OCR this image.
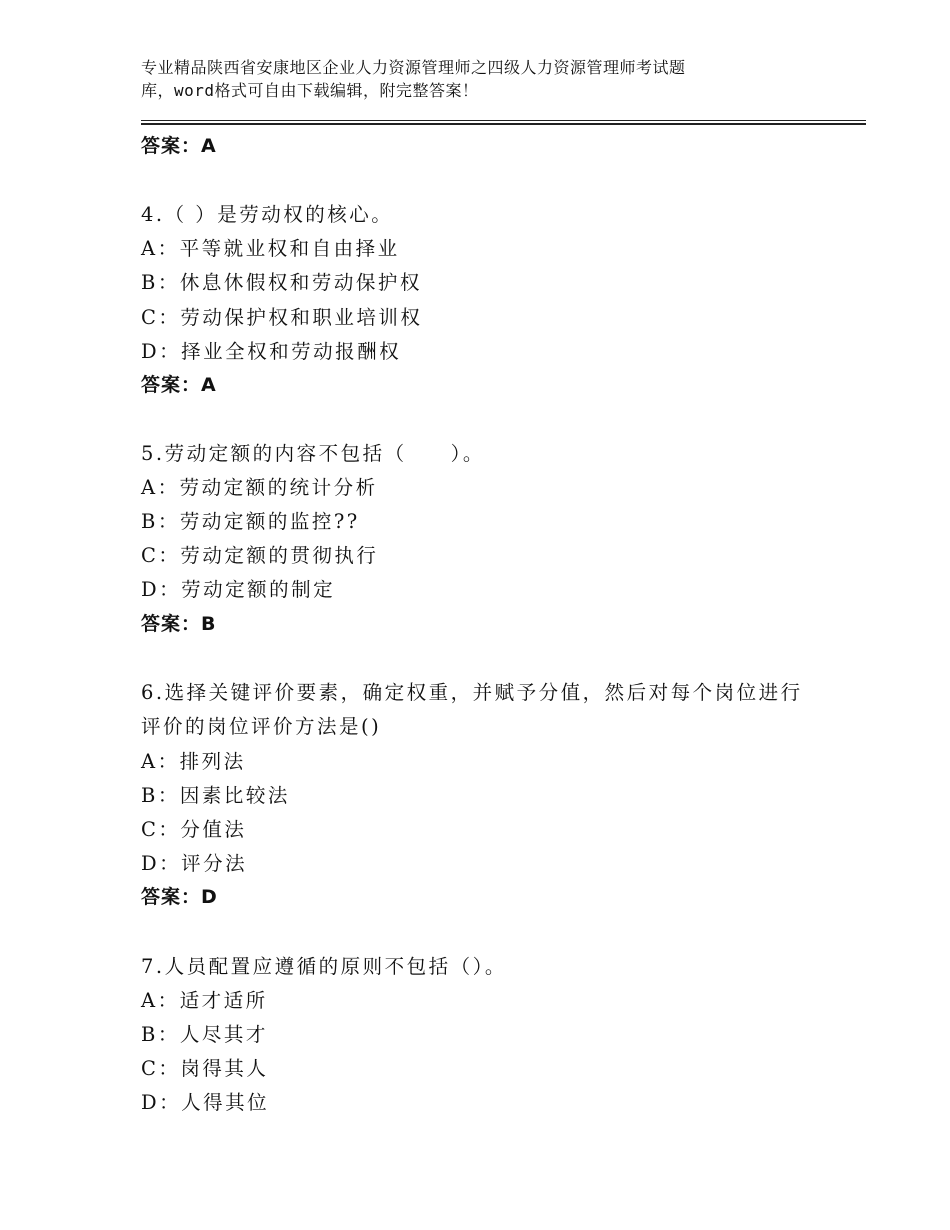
专业精品陕西省安康地区企业人力资源管理师之四级人力资源管理师考试题
库，word格式可自由下载编辑，附完整答案！
答案：A
4.（ ）是劳动权的核心。
A：平等就业权和自由择业
B：休息休假权和劳动保护权
C：劳动保护权和职业培训权
D：择业全权和劳动报酬权
答案：A
5.劳动定额的内容不包括（　　）。
A：劳动定额的统计分析
B：劳动定额的监控??
C：劳动定额的贯彻执行
D：劳动定额的制定
答案：B
6.选择关键评价要素，确定权重，并赋予分值，然后对每个岗位进行
评价的岗位评价方法是()
A：排列法
B：因素比较法
C：分值法
D：评分法
答案：D
7.人员配置应遵循的原则不包括（）。
A：适才适所
B：人尽其才
C：岗得其人
D：人得其位
